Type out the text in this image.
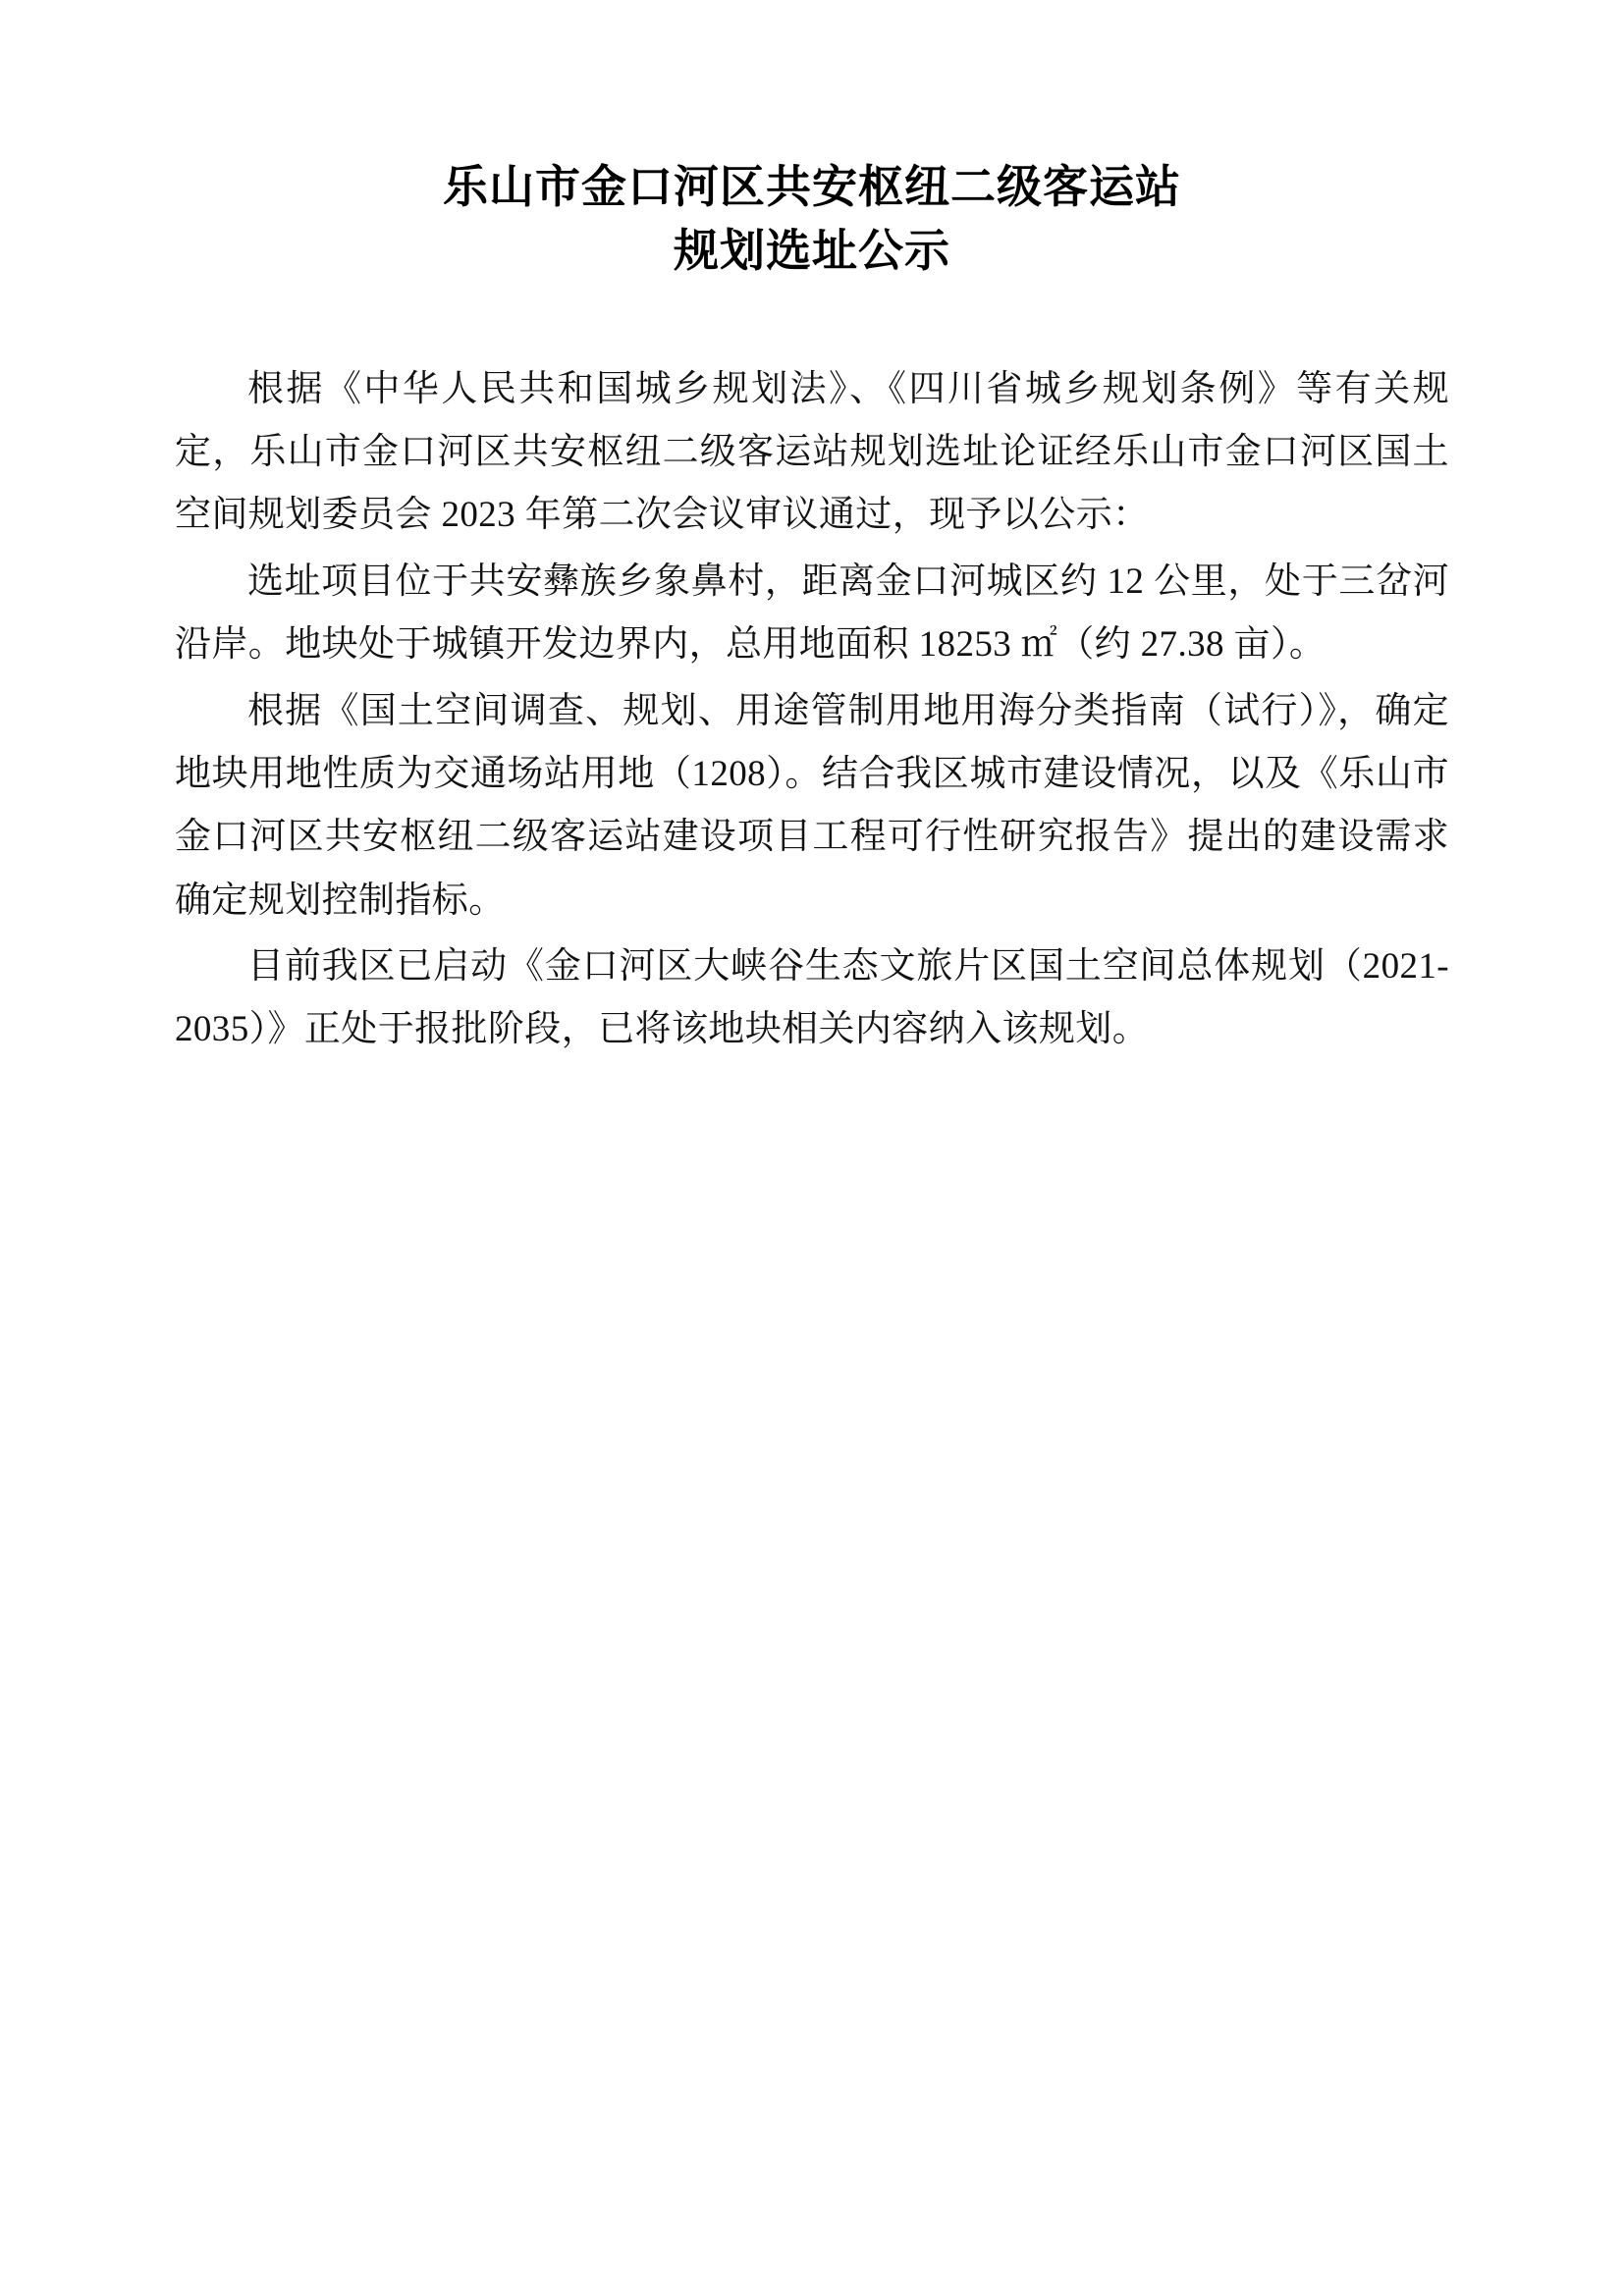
乐山市金口河区共安枢纽二级客运站
规划选址公示

根据《中华人民共和国城乡规划法》、《四川省城乡规划条例》等有关规定，乐山市金口河区共安枢纽二级客运站规划选址论证经乐山市金口河区国土空间规划委员会 2023 年第二次会议审议通过，现予以公示：

选址项目位于共安彝族乡象鼻村，距离金口河城区约 12 公里，处于三岔河沿岸。地块处于城镇开发边界内，总用地面积 18253 ㎡（约 27.38 亩）。

根据《国土空间调查、规划、用途管制用地用海分类指南（试行）》，确定地块用地性质为交通场站用地（1208）。结合我区城市建设情况，以及《乐山市金口河区共安枢纽二级客运站建设项目工程可行性研究报告》提出的建设需求确定规划控制指标。

目前我区已启动《金口河区大峡谷生态文旅片区国土空间总体规划（2021-2035）》正处于报批阶段，已将该地块相关内容纳入该规划。
